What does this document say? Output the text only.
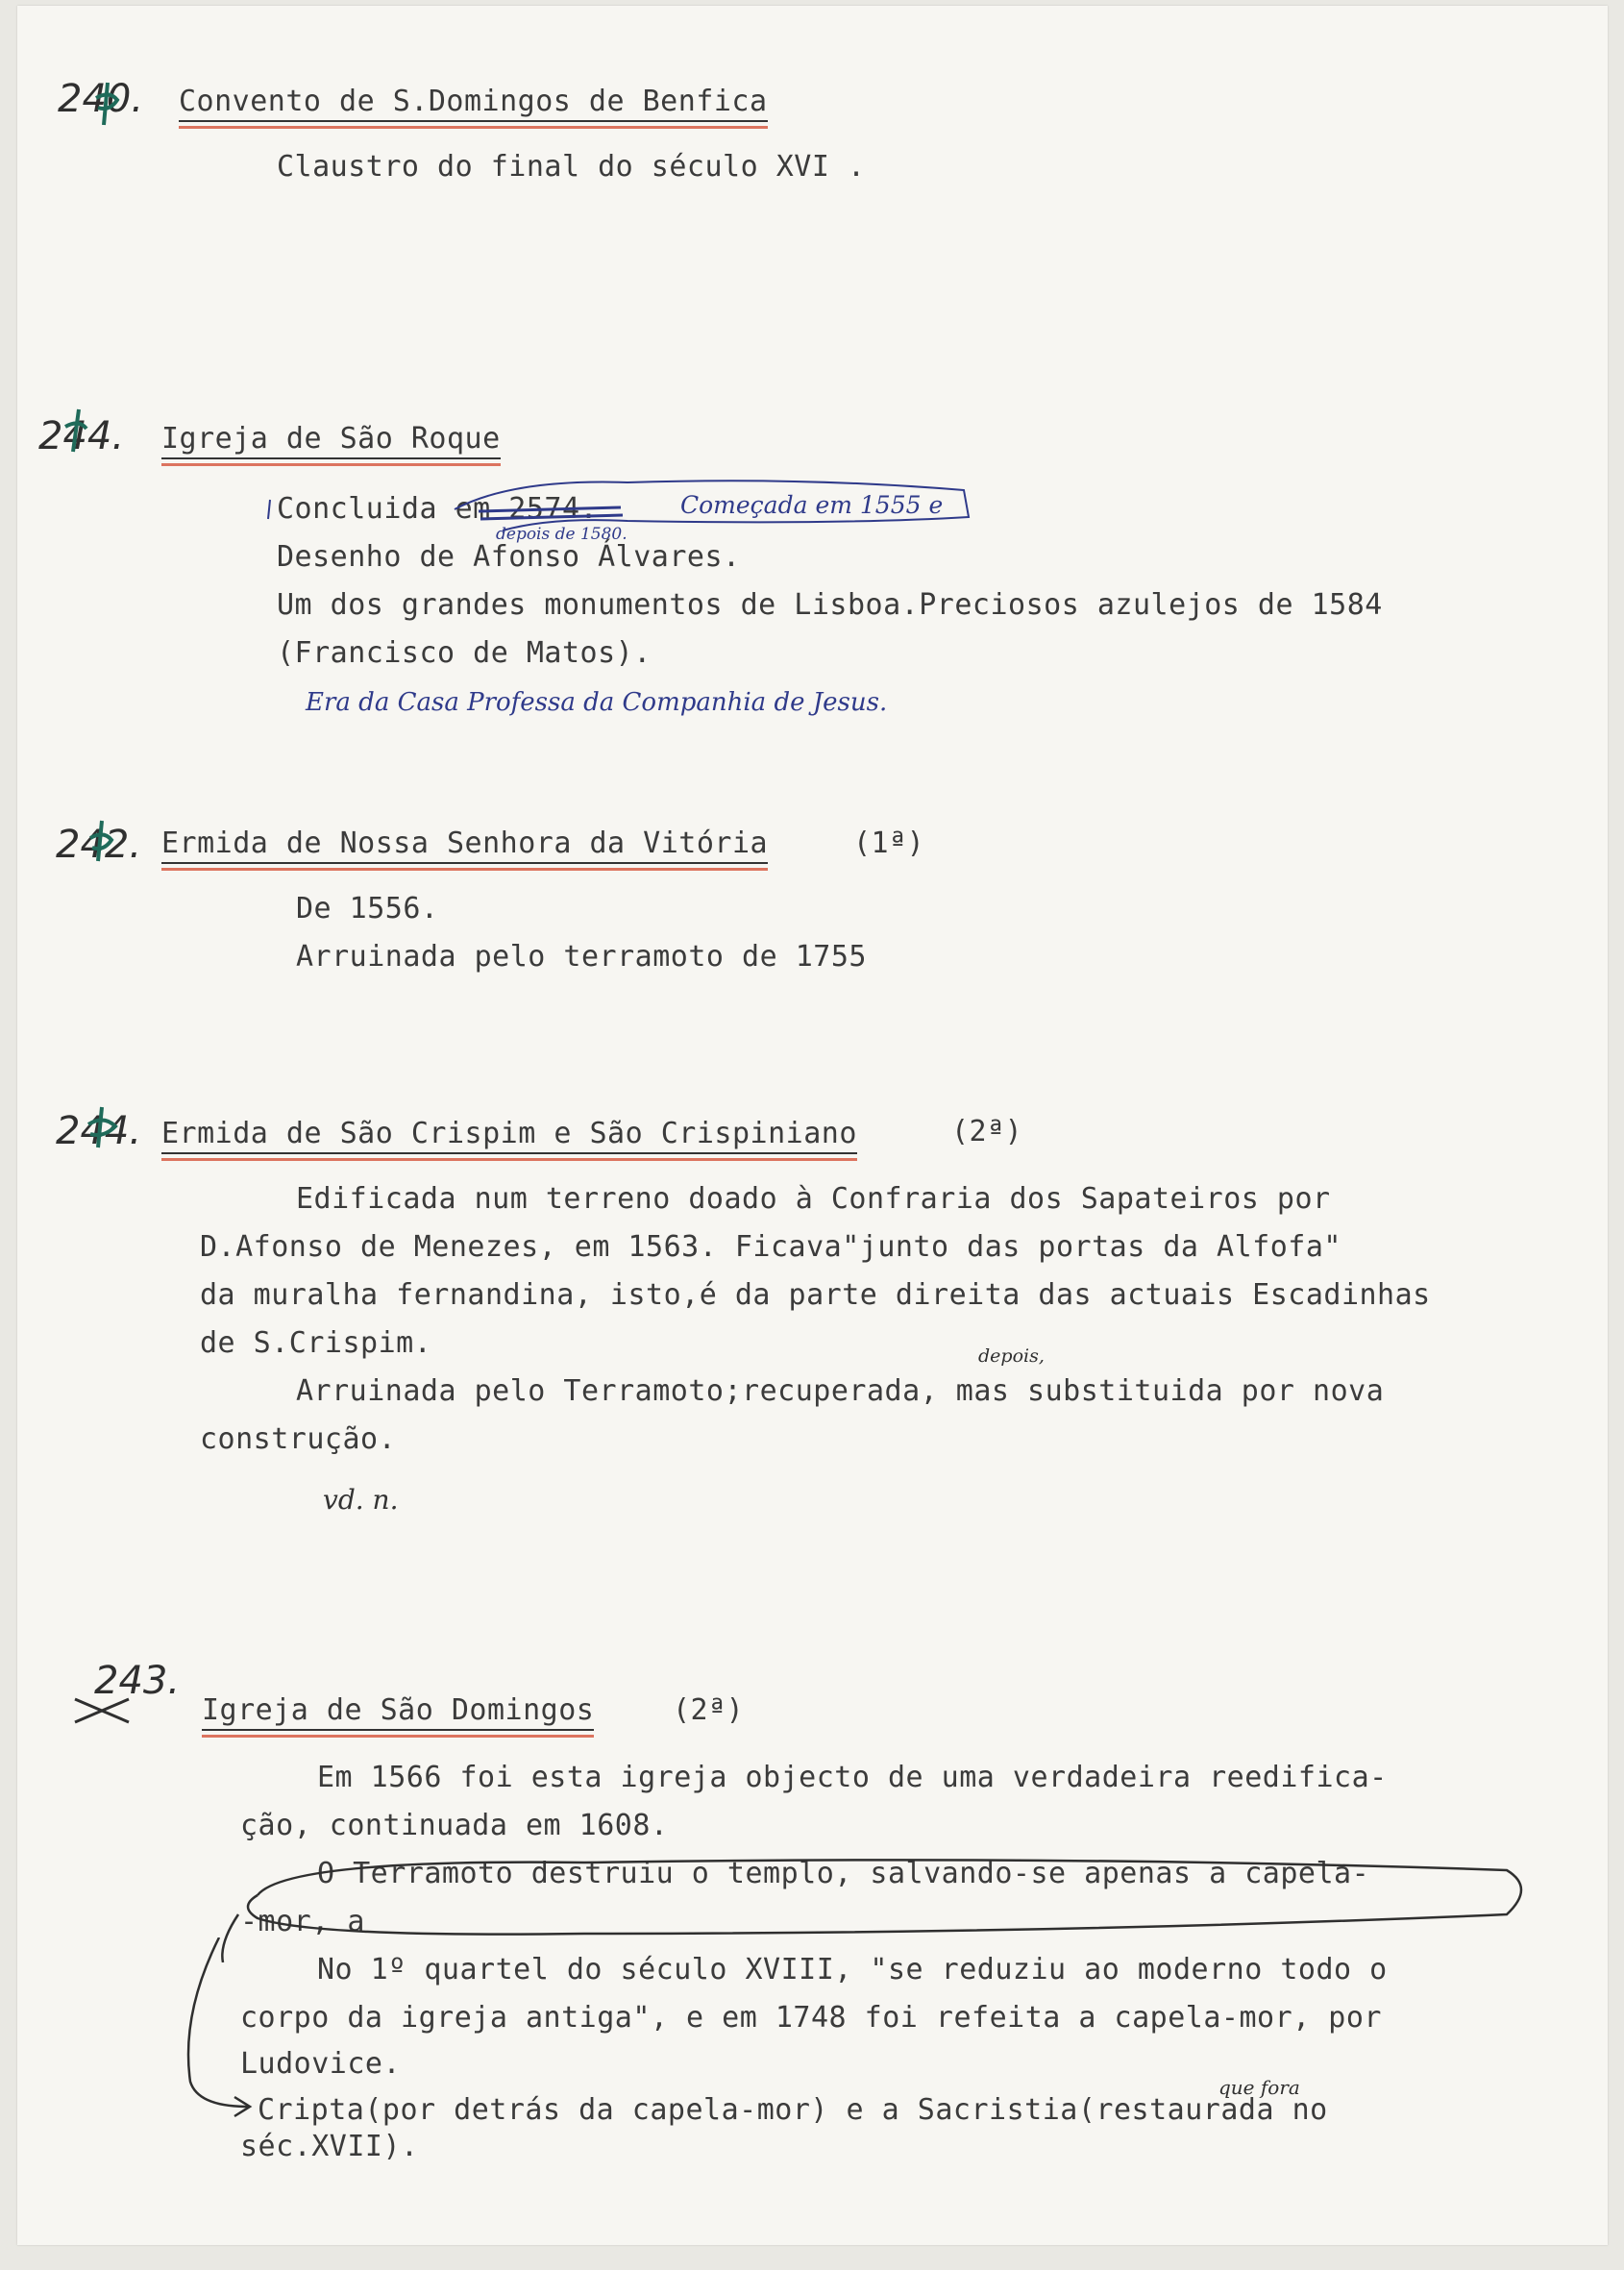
240. Convento de S.Domingos de Benfica
Claustro do final do século XVI .
244. Igreja de São Roque
Concluida em 2574.	Começada em 1555 e
depois de 1580.
Desenho de Afonso Álvares.
Um dos grandes monumentos de Lisboa.Preciosos azulejos de 1584
(Francisco de Matos).
Era da Casa Professa da Companhia de Jesus.
242. Ermida de Nossa Senhora da Vitória	(1ª)
De 1556.
Arruinada pelo terramoto de 1755
244. Ermida de São Crispim e São Crispiniano	(2ª)
Edificada num terreno doado à Confraria dos Sapateiros por
D.Afonso de Menezes, em 1563. Ficava"junto das portas da Alfofa"
da muralha fernandina, isto,é da parte direita das actuais Escadinhas
de S.Crispim.	depois,
Arruinada pelo Terramoto;recuperada, mas substituida por nova
construção.
vd. n.
243.
Igreja de São Domingos	(2ª)
Em 1566 foi esta igreja objecto de uma verdadeira reedifica-
ção, continuada em 1608.
O Terramoto destruiu o templo, salvando-se apenas a capela-
-mor, a
No 1º quartel do século XVIII, "se reduziu ao moderno todo o
corpo da igreja antiga", e em 1748 foi refeita a capela-mor, por
Ludovice.
que fora
Cripta(por detrás da capela-mor) e a Sacristia(restaurada no
séc.XVII).
